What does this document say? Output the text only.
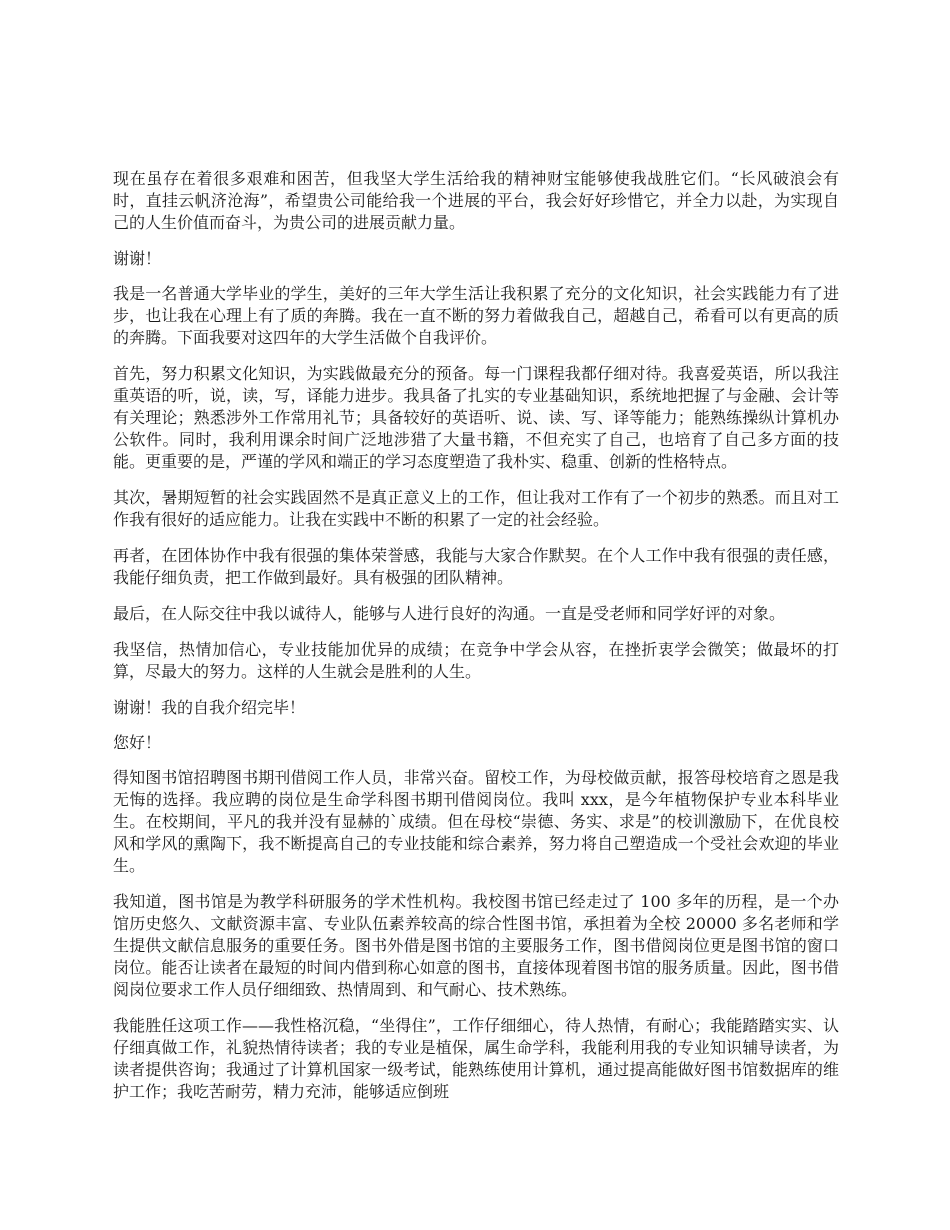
现在虽存在着很多艰难和困苦，但我坚大学生活给我的精神财宝能够使我战胜它们。“长风破浪会有时，直挂云帆济沧海”，希望贵公司能给我一个进展的平台，我会好好珍惜它，并全力以赴，为实现自己的人生价值而奋斗，为贵公司的进展贡献力量。

谢谢！

我是一名普通大学毕业的学生，美好的三年大学生活让我积累了充分的文化知识，社会实践能力有了进步，也让我在心理上有了质的奔腾。我在一直不断的努力着做我自己，超越自己，希看可以有更高的质的奔腾。下面我要对这四年的大学生活做个自我评价。

首先，努力积累文化知识，为实践做最充分的预备。每一门课程我都仔细对待。我喜爱英语，所以我注重英语的听，说，读，写，译能力进步。我具备了扎实的专业基础知识，系统地把握了与金融、会计等有关理论；熟悉涉外工作常用礼节；具备较好的英语听、说、读、写、译等能力；能熟练操纵计算机办公软件。同时，我利用课余时间广泛地涉猎了大量书籍，不但充实了自己，也培育了自己多方面的技能。更重要的是，严谨的学风和端正的学习态度塑造了我朴实、稳重、创新的性格特点。

其次，暑期短暂的社会实践固然不是真正意义上的工作，但让我对工作有了一个初步的熟悉。而且对工作我有很好的适应能力。让我在实践中不断的积累了一定的社会经验。

再者，在团体协作中我有很强的集体荣誉感，我能与大家合作默契。在个人工作中我有很强的责任感，我能仔细负责，把工作做到最好。具有极强的团队精神。

最后，在人际交往中我以诚待人，能够与人进行良好的沟通。一直是受老师和同学好评的对象。

我坚信，热情加信心，专业技能加优异的成绩；在竞争中学会从容，在挫折衷学会微笑；做最坏的打算，尽最大的努力。这样的人生就会是胜利的人生。

谢谢！我的自我介绍完毕！

您好！

得知图书馆招聘图书期刊借阅工作人员，非常兴奋。留校工作，为母校做贡献，报答母校培育之恩是我无悔的选择。我应聘的岗位是生命学科图书期刊借阅岗位。我叫 xxx，是今年植物保护专业本科毕业生。在校期间，平凡的我并没有显赫的`成绩。但在母校“崇德、务实、求是”的校训激励下，在优良校风和学风的熏陶下，我不断提高自己的专业技能和综合素养，努力将自己塑造成一个受社会欢迎的毕业生。

我知道，图书馆是为教学科研服务的学术性机构。我校图书馆已经走过了 100 多年的历程，是一个办馆历史悠久、文献资源丰富、专业队伍素养较高的综合性图书馆，承担着为全校 20000 多名老师和学生提供文献信息服务的重要任务。图书外借是图书馆的主要服务工作，图书借阅岗位更是图书馆的窗口岗位。能否让读者在最短的时间内借到称心如意的图书，直接体现着图书馆的服务质量。因此，图书借阅岗位要求工作人员仔细细致、热情周到、和气耐心、技术熟练。

我能胜任这项工作——我性格沉稳，“坐得住”，工作仔细细心，待人热情，有耐心；我能踏踏实实、认仔细真做工作，礼貌热情待读者；我的专业是植保，属生命学科，我能利用我的专业知识辅导读者，为读者提供咨询；我通过了计算机国家一级考试，能熟练使用计算机，通过提高能做好图书馆数据库的维护工作；我吃苦耐劳，精力充沛，能够适应倒班
